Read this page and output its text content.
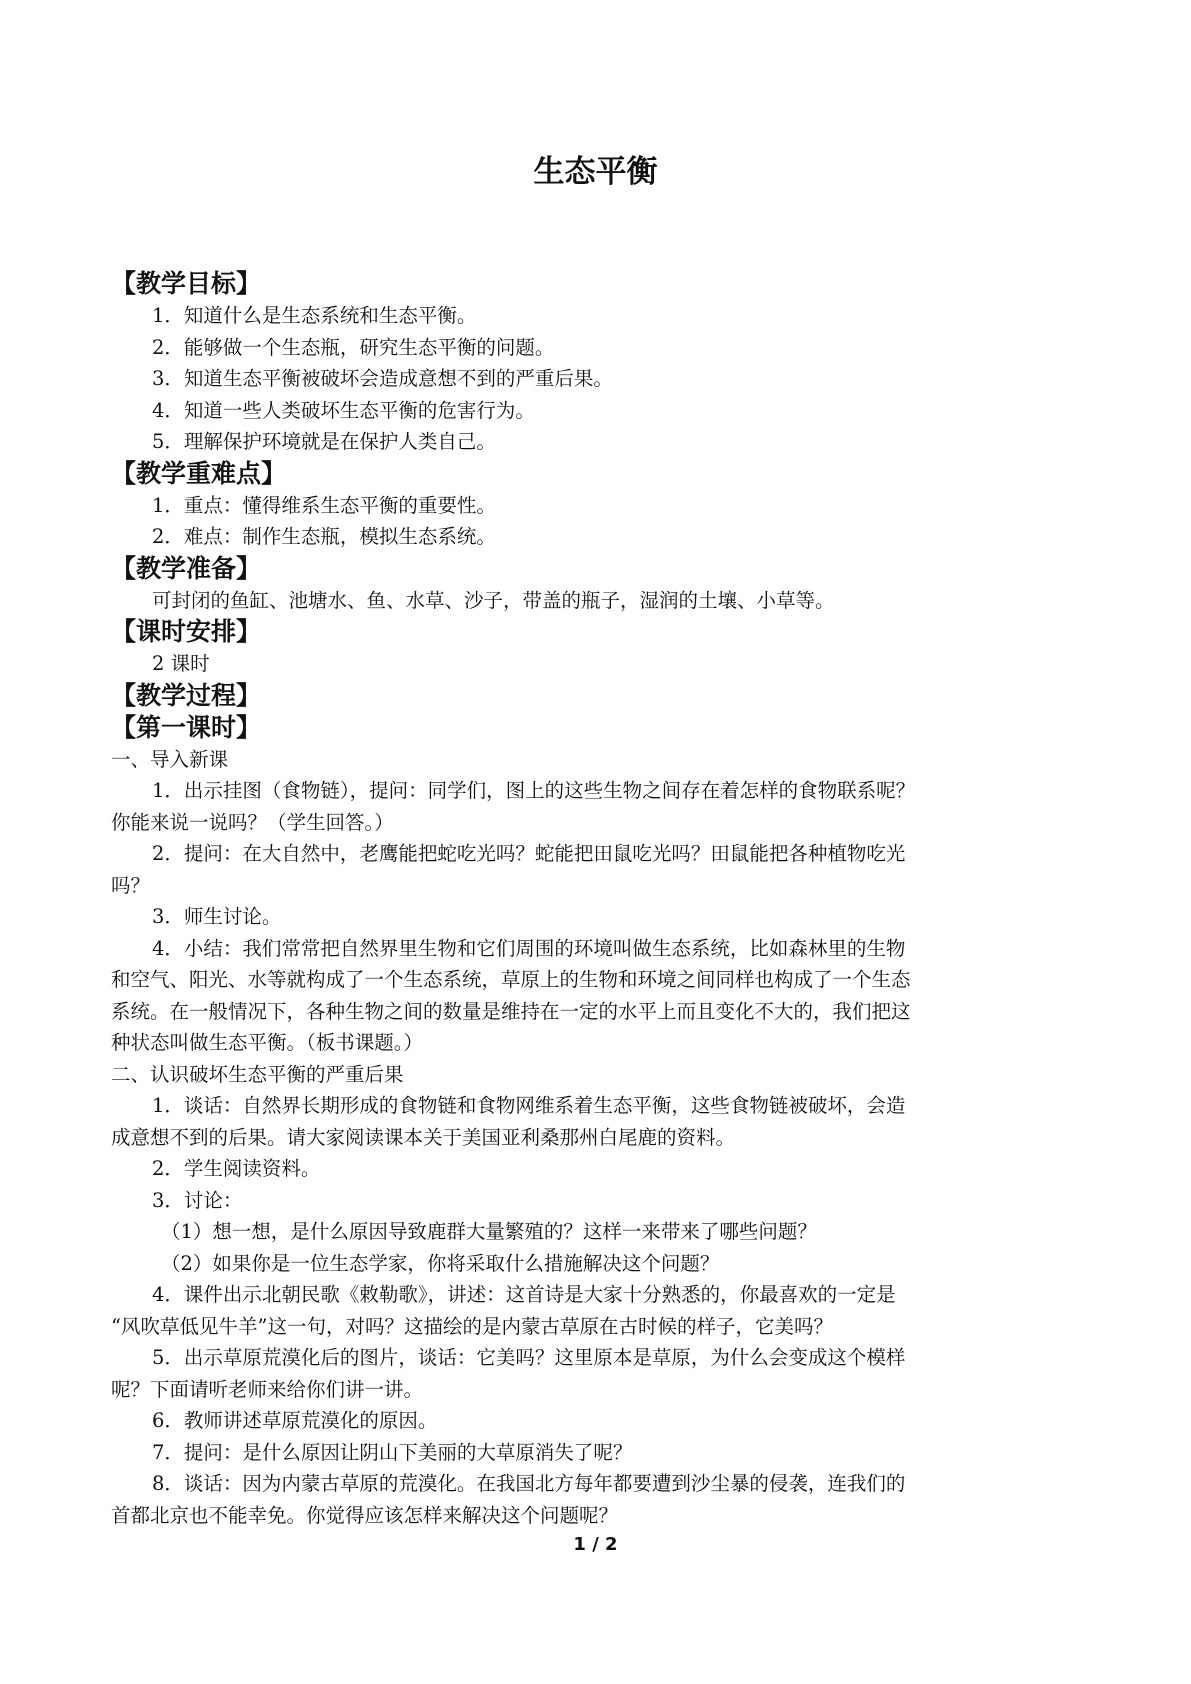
生态平衡
【教学目标】
1．知道什么是生态系统和生态平衡。
2．能够做一个生态瓶，研究生态平衡的问题。
3．知道生态平衡被破坏会造成意想不到的严重后果。
4．知道一些人类破坏生态平衡的危害行为。
5．理解保护环境就是在保护人类自己。
【教学重难点】
1．重点：懂得维系生态平衡的重要性。
2．难点：制作生态瓶，模拟生态系统。
【教学准备】
可封闭的鱼缸、池塘水、鱼、水草、沙子，带盖的瓶子，湿润的土壤、小草等。
【课时安排】
2 课时
【教学过程】
【第一课时】
一、导入新课
1．出示挂图（食物链），提问：同学们，图上的这些生物之间存在着怎样的食物联系呢？
你能来说一说吗？（学生回答。）
2．提问：在大自然中，老鹰能把蛇吃光吗？蛇能把田鼠吃光吗？田鼠能把各种植物吃光
吗？
3．师生讨论。
4．小结：我们常常把自然界里生物和它们周围的环境叫做生态系统，比如森林里的生物
和空气、阳光、水等就构成了一个生态系统，草原上的生物和环境之间同样也构成了一个生态
系统。在一般情况下，各种生物之间的数量是维持在一定的水平上而且变化不大的，我们把这
种状态叫做生态平衡。（板书课题。）
二、认识破坏生态平衡的严重后果
1．谈话：自然界长期形成的食物链和食物网维系着生态平衡，这些食物链被破坏，会造
成意想不到的后果。请大家阅读课本关于美国亚利桑那州白尾鹿的资料。
2．学生阅读资料。
3．讨论：
（1）想一想，是什么原因导致鹿群大量繁殖的？这样一来带来了哪些问题？
（2）如果你是一位生态学家，你将采取什么措施解决这个问题？
4．课件出示北朝民歌《敕勒歌》，讲述：这首诗是大家十分熟悉的，你最喜欢的一定是
“风吹草低见牛羊”这一句，对吗？这描绘的是内蒙古草原在古时候的样子，它美吗？
5．出示草原荒漠化后的图片，谈话：它美吗？这里原本是草原，为什么会变成这个模样
呢？下面请听老师来给你们讲一讲。
6．教师讲述草原荒漠化的原因。
7．提问：是什么原因让阴山下美丽的大草原消失了呢？
8．谈话：因为内蒙古草原的荒漠化。在我国北方每年都要遭到沙尘暴的侵袭，连我们的
首都北京也不能幸免。你觉得应该怎样来解决这个问题呢？
1 / 2
